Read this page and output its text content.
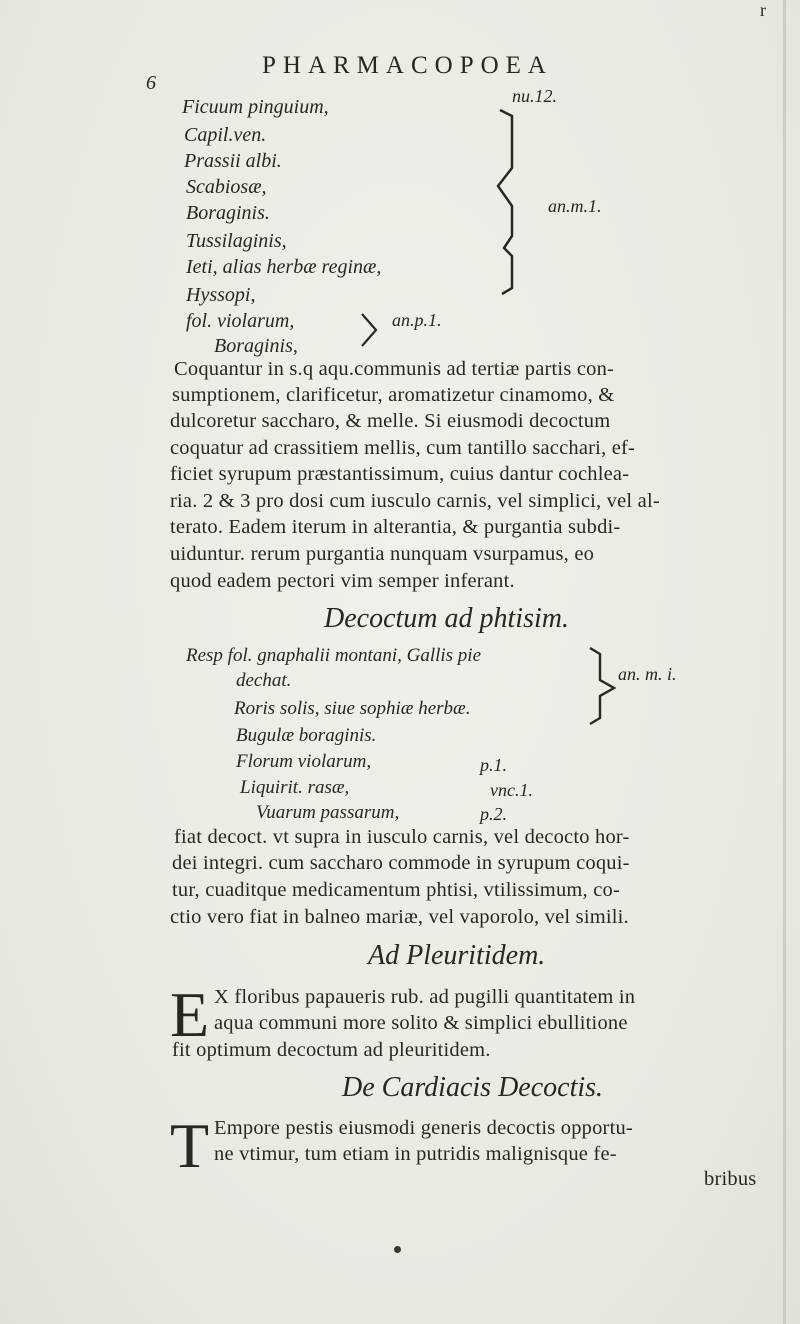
r
6
PHARMACOPOEA
Ficuum pinguium,
Capil.ven.
Prassii albi.
Scabiosæ,
Boraginis.
Tussilaginis,
Ieti, alias herbæ reginæ,
Hyssopi,
fol. violarum,
Boraginis,
nu.12.
an.m.1.
an.p.1.
Coquantur in s.q aqu.communis ad tertiæ partis con-
sumptionem, clarificetur, aromatizetur cinamomo, &
dulcoretur saccharo, & melle. Si eiusmodi decoctum
coquatur ad crassitiem mellis, cum tantillo sacchari, ef-
ficiet syrupum præstantissimum, cuius dantur cochlea-
ria. 2 & 3 pro dosi cum iusculo carnis, vel simplici, vel al-
terato. Eadem iterum in alterantia, & purgantia subdi-
uiduntur. rerum purgantia nunquam vsurpamus, eo
quod eadem pectori vim semper inferant.
Decoctum ad phtisim.
Resp fol. gnaphalii montani, Gallis pie
dechat.
Roris solis, siue sophiæ herbæ.
Bugulæ boraginis.
Florum violarum,
Liquirit. rasæ,
Vuarum passarum,
an. m. i.
p.1.
vnc.1.
p.2.
fiat decoct. vt supra in iusculo carnis, vel decocto hor-
dei integri. cum saccharo commode in syrupum coqui-
tur, cuaditque medicamentum phtisi, vtilissimum, co-
ctio vero fiat in balneo mariæ, vel vaporolo, vel simili.
Ad Pleuritidem.
E X floribus papaueris rub. ad pugilli quantitatem in
aqua communi more solito & simplici ebullitione
fit optimum decoctum ad pleuritidem.
De Cardiacis Decoctis.
T Empore pestis eiusmodi generis decoctis opportu-
ne vtimur, tum etiam in putridis malignisque fe-
bribus
